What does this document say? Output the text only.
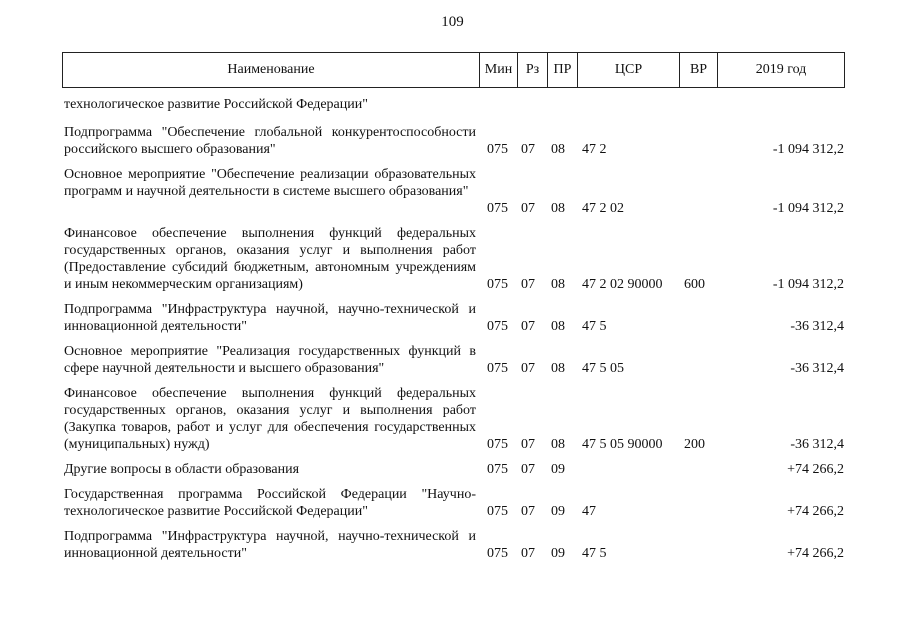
109
Наименование	Мин	Рз	ПР	ЦСР	ВР	2019 год
технологическое развитие Российской Федерации"
Подпрограмма "Обеспечение глобальной конкурентоспособности российского высшего образования"	075 07 08 47 2	-1 094 312,2
Основное мероприятие "Обеспечение реализации образовательных программ и научной деятельности в системе высшего образования"
075 07 08 47 2 02	-1 094 312,2
Финансовое обеспечение выполнения функций федеральных государственных органов, оказания услуг и выполнения работ (Предоставление субсидий бюджетным, автономным учреждениям и иным некоммерческим организациям)	075 07 08 47 2 02 90000 600	-1 094 312,2
Подпрограмма "Инфраструктура научной, научно-технической и инновационной деятельности"	075 07 08 47 5	-36 312,4
Основное мероприятие "Реализация государственных функций в сфере научной деятельности и высшего образования"	075 07 08 47 5 05	-36 312,4
Финансовое обеспечение выполнения функций федеральных государственных органов, оказания услуг и выполнения работ (Закупка товаров, работ и услуг для обеспечения государственных (муниципальных) нужд)	075 07 08 47 5 05 90000 200	-36 312,4
Другие вопросы в области образования	075 07 09	+74 266,2
Государственная программа Российской Федерации "Научно-технологическое развитие Российской Федерации"	075 07 09 47	+74 266,2
Подпрограмма "Инфраструктура научной, научно-технической и инновационной деятельности"	075 07 09 47 5	+74 266,2
